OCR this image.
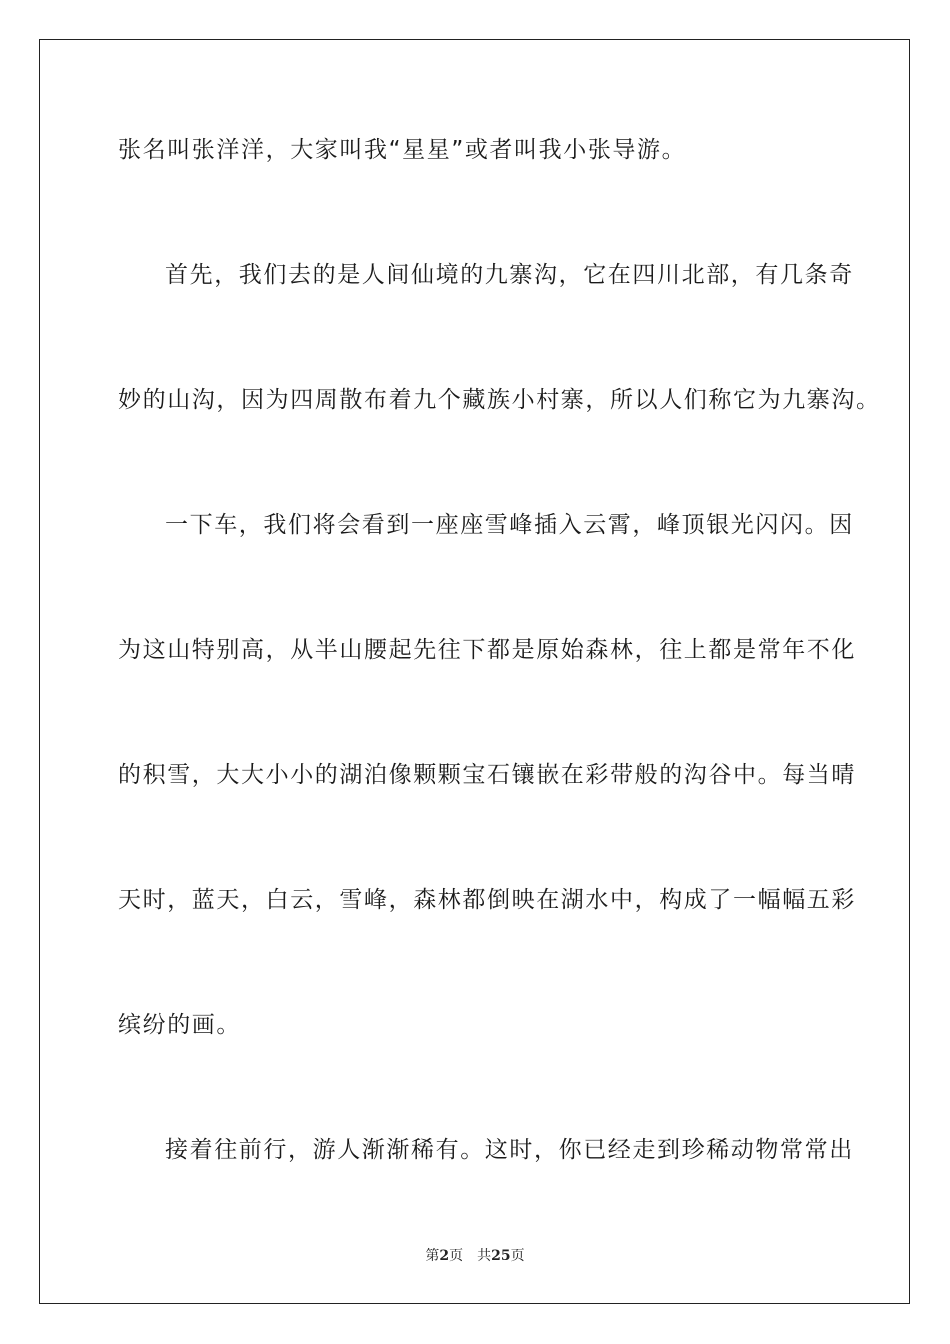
张名叫张洋洋，大家叫我“星星”或者叫我小张导游。
首先，我们去的是人间仙境的九寨沟，它在四川北部，有几条奇
妙的山沟，因为四周散布着九个藏族小村寨，所以人们称它为九寨沟。
一下车，我们将会看到一座座雪峰插入云霄，峰顶银光闪闪。因
为这山特别高，从半山腰起先往下都是原始森林，往上都是常年不化
的积雪，大大小小的湖泊像颗颗宝石镶嵌在彩带般的沟谷中。每当晴
天时，蓝天，白云，雪峰，森林都倒映在湖水中，构成了一幅幅五彩
缤纷的画。
接着往前行，游人渐渐稀有。这时，你已经走到珍稀动物常常出
第2页 共25页
